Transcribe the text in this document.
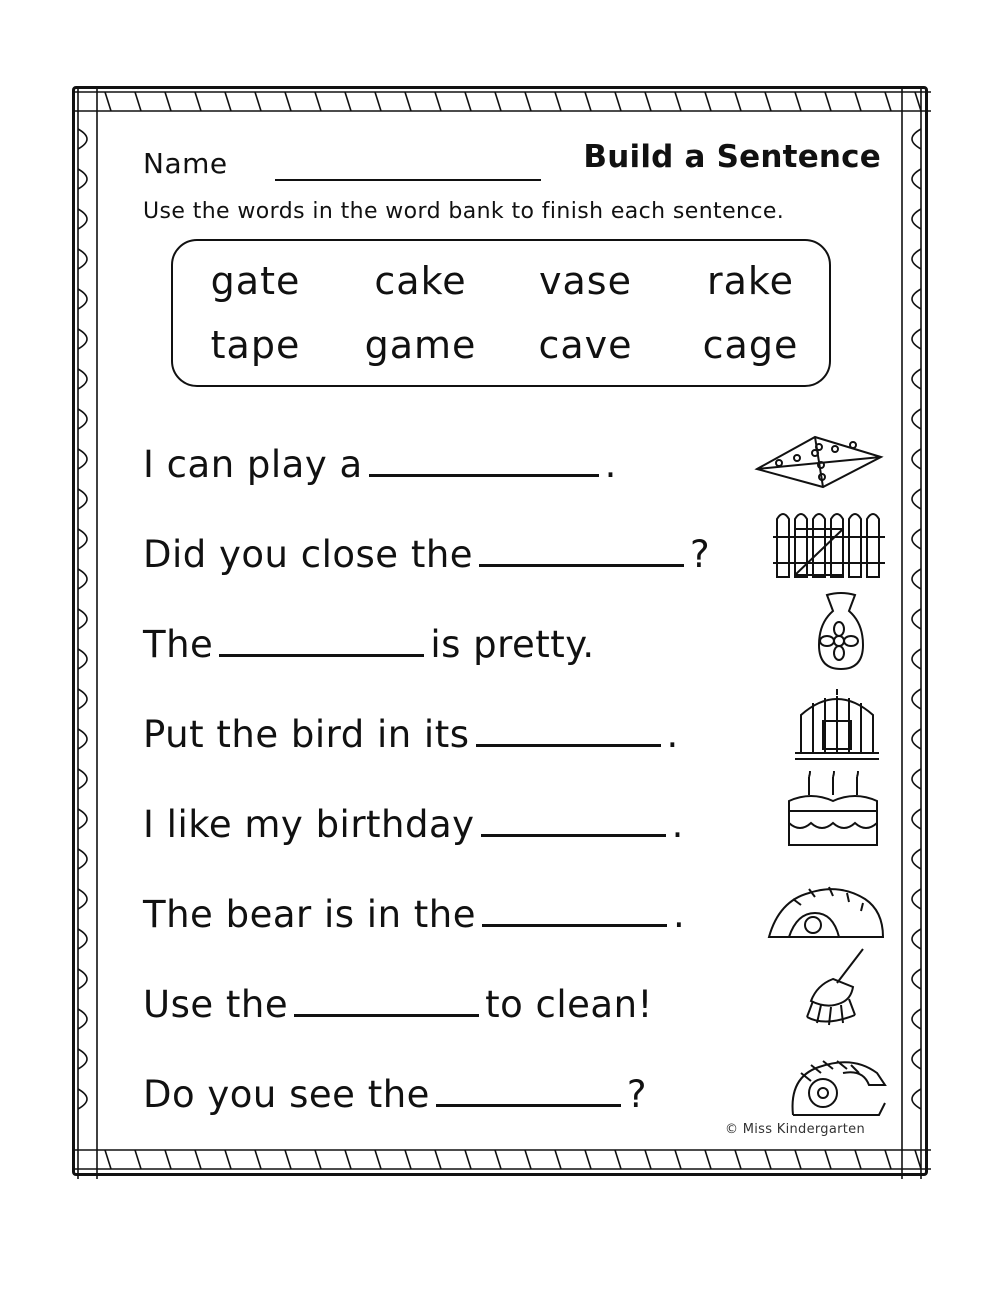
Name	Build a Sentence
Use the words in the word bank to finish each sentence.
gate	cake	vase	rake
tape	game	cave	cage
I can play a	.
Did you close the	?
The	is pretty.
Put the bird in its	.
I like my birthday	.
The bear is in the	.
Use the	to clean!
Do you see the	?
© Miss Kindergarten
